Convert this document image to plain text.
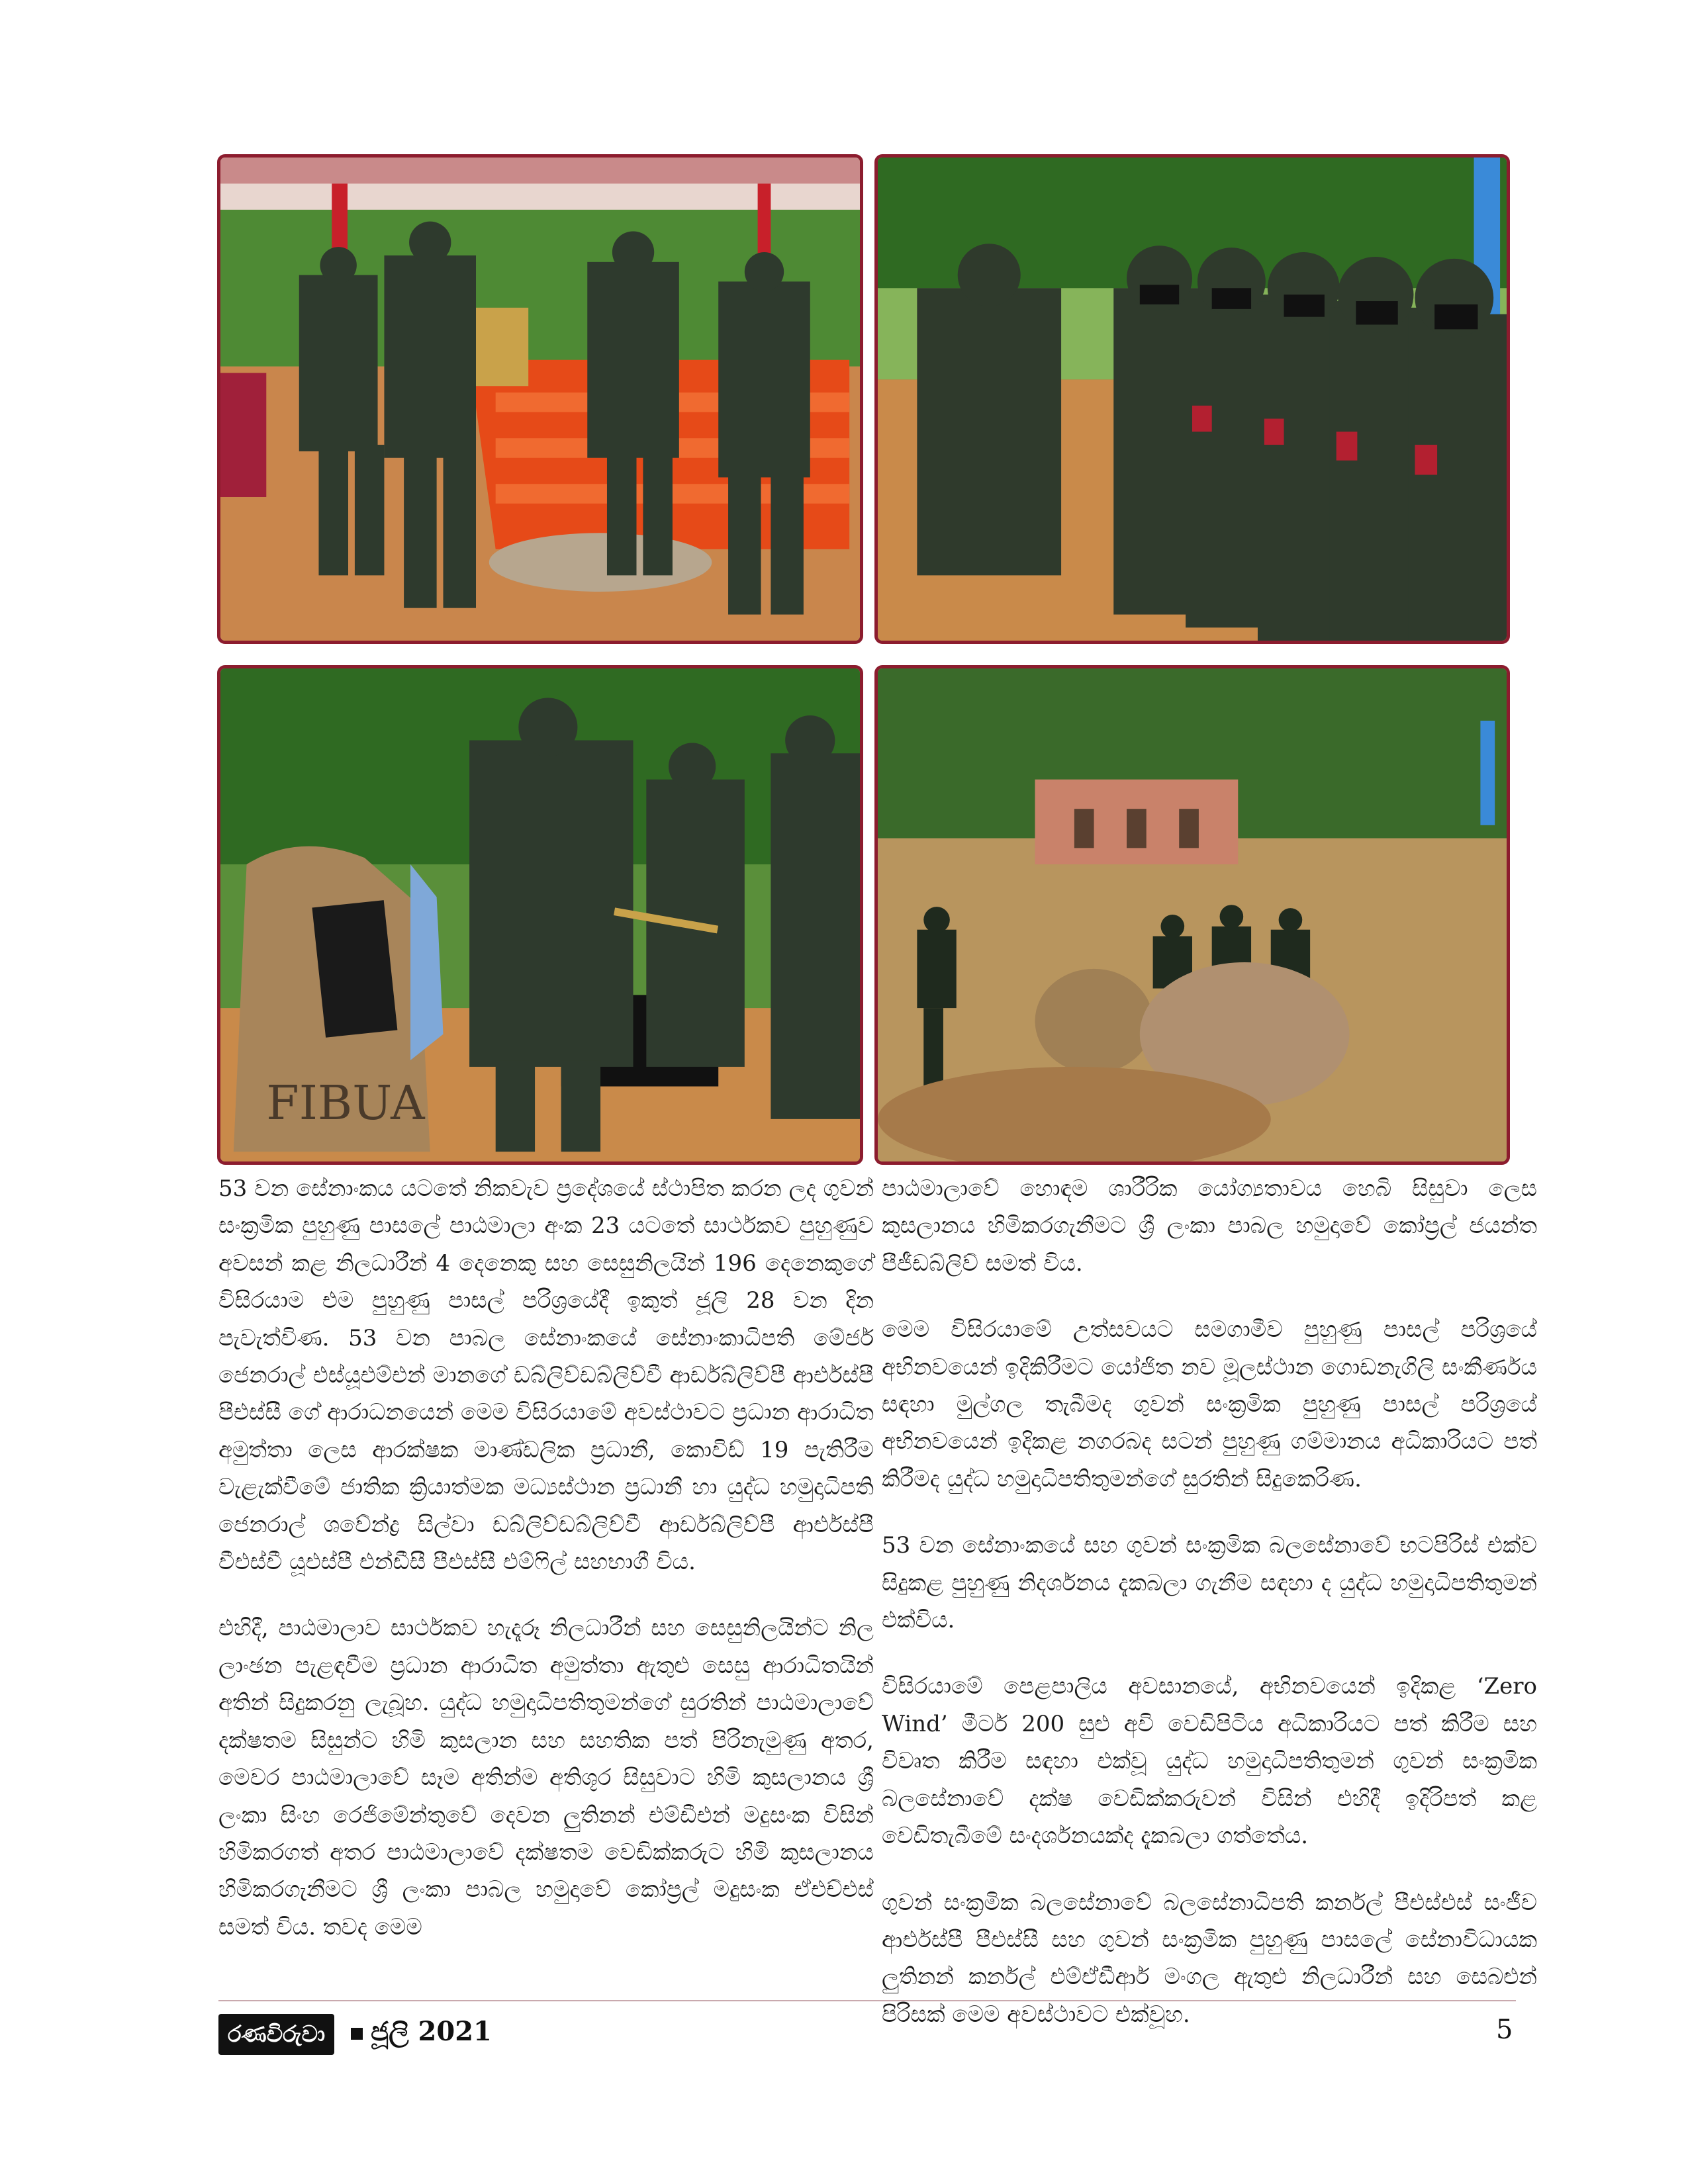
FIBUA

53 වන සේනාංකය යටතේ නිකවැව ප්‍රදේශයේ ස්ථාපිත කරන ලද ගුවන් සංක්‍රමික පුහුණු පාසලේ පාඨමාලා අංක 23 යටතේ සාර්ථකව පුහුණුව අවසන් කළ නිලධාරීන් 4 දෙනෙකු සහ සෙසුනිලයින් 196 දෙනෙකුගේ විසිරයාම එම පුහුණු පාසල් පරිශ්‍රයේදී ඉකුත් ජූලි 28 වන දින පැවැත්විණ. 53 වන පාබල සේනාංකයේ සේනාංකාධිපති මේජර් ජෙනරාල් එස්යූඑම්එන් මානගේ ඩබ්ලිව්ඩබ්ලිව්වී ආර්ඩබ්ලිව්පී ආර්එස්පී පීඑස්සී ගේ ආරාධනයෙන් මෙම විසිරයාමේ අවස්ථාවට ප්‍රධාන ආරාධිත අමුත්තා ලෙස ආරක්ෂක මාණ්ඩලික ප්‍රධානී, කොවිඩ් 19 පැතිරීම වැළැක්වීමේ ජාතික ක්‍රියාත්මක මධ්‍යස්ථාන ප්‍රධානී හා යුද්ධ හමුදාධිපති ජෙනරාල් ශවේන්ද්‍ර සිල්වා ඩබ්ලිව්ඩබ්ලිව්වී ආර්ඩබ්ලිව්පී ආර්එස්පී වීඑස්වී යූඑස්පී එන්ඩීසී පීඑස්සී එම්ෆිල් සහභාගී විය.

එහිදී, පාඨමාලාව සාර්ථකව හැදෑරූ නිලධාරීන් සහ සෙසුනිලයින්ට නිල ලාංඡන පැළඳවීම ප්‍රධාන ආරාධිත අමුත්තා ඇතුළු සෙසු ආරාධිතයින් අතින් සිදුකරනු ලැබූහ. යුද්ධ හමුදාධිපතිතුමන්ගේ සුරතින් පාඨමාලාවේ දක්ෂතම සිසුන්ට හිමි කුසලාන සහ සහතික පත් පිරිනැමුණු අතර, මෙවර පාඨමාලාවේ සෑම අතින්ම අතිශූර සිසුවාට හිමි කුසලානය ශ්‍රී ලංකා සිංහ රෙජිමේන්තුවේ දෙවන ලුතිනන් එම්ඩීඑන් මදුසංක විසින් හිමිකරගත් අතර පාඨමාලාවේ දක්ෂතම වෙඩික්කරුට හිමි කුසලානය හිමිකරගැනීමට ශ්‍රී ලංකා පාබල හමුදාවේ කෝප්‍රල් මදුසංක ඒඑච්එස් සමත් විය. තවද මෙම

පාඨමාලාවේ හොඳම ශාරීරික යෝග්‍යතාවය හෙබි සිසුවා ලෙස කුසලානය හිමිකරගැනීමට ශ්‍රී ලංකා පාබල හමුදාවේ කෝප්‍රල් ජයන්ත පීජීඩබ්ලිව් සමත් විය.

මෙම විසිරයාමේ උත්සවයට සමගාමීව පුහුණු පාසල් පරිශ්‍රයේ අභිනවයෙන් ඉදිකිරීමට යෝජිත නව මූලස්ථාන ගොඩනැගිලි සංකීර්ණය සඳහා මුල්ගල තැබීමද ගුවන් සංක්‍රමික පුහුණු පාසල් පරිශ්‍රයේ අභිනවයෙන් ඉදිකළ නගරබද සටන් පුහුණු ගම්මානය අධිකාරියට පත් කිරීමද යුද්ධ හමුදාධිපතිතුමන්ගේ සුරතින් සිදුකෙරිණ.

53 වන සේනාංකයේ සහ ගුවන් සංක්‍රමික බලසේනාවේ භටපිරිස් එක්ව සිදුකළ පුහුණු නිදර්ශනය දැකබලා ගැනීම සඳහා ද යුද්ධ හමුදාධිපතිතුමන් එක්විය.

විසිරයාමේ පෙළපාලිය අවසානයේ, අභිනවයෙන් ඉදිකළ ‘Zero Wind’ මීටර් 200 සුළු අවි වෙඩිපිටිය අධිකාරියට පත් කිරීම සහ විවෘත කිරීම සඳහා එක්වූ යුද්ධ හමුදාධිපතිතුමන් ගුවන් සංක්‍රමික බලසේනාවේ දක්ෂ වෙඩික්කරුවන් විසින් එහිදී ඉදිරිපත් කළ වෙඩිතැබීමේ සංදර්ශනයක්ද දැකබලා ගත්තේය.

ගුවන් සංක්‍රමික බලසේනාවේ බලසේනාධිපති කර්නල් පීඑස්එස් සංජීව ආර්එස්පී පීඑස්සී සහ ගුවන් සංක්‍රමික පුහුණු පාසලේ සේනාවිධායක ලුතිනන් කර්නල් එම්ඒඩීආර් මංගල ඇතුළු නිලධාරීන් සහ සෙබළුන් පිරිසක් මෙම අවස්ථාවට එක්වූහ.

රණවිරුවා	ජූලි 2021	5
